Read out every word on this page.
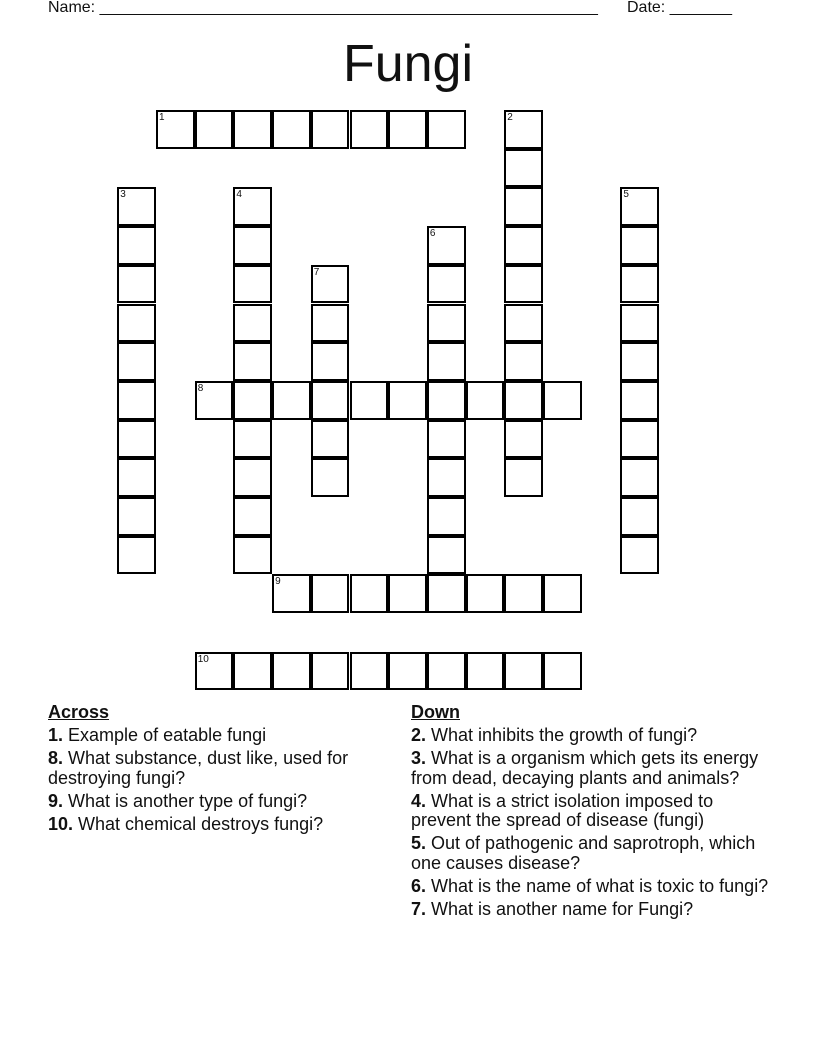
Name: ________________________________________________________ Date: _______
Fungi
1	2
3	4	5
6
7
8
9
10
Across
1. Example of eatable fungi
8. What substance, dust like, used for destroying fungi?
9. What is another type of fungi?
10. What chemical destroys fungi?
Down
2. What inhibits the growth of fungi?
3. What is a organism which gets its energy from dead, decaying plants and animals?
4. What is a strict isolation imposed to prevent the spread of disease (fungi)
5. Out of pathogenic and saprotroph, which one causes disease?
6. What is the name of what is toxic to fungi?
7. What is another name for Fungi?
